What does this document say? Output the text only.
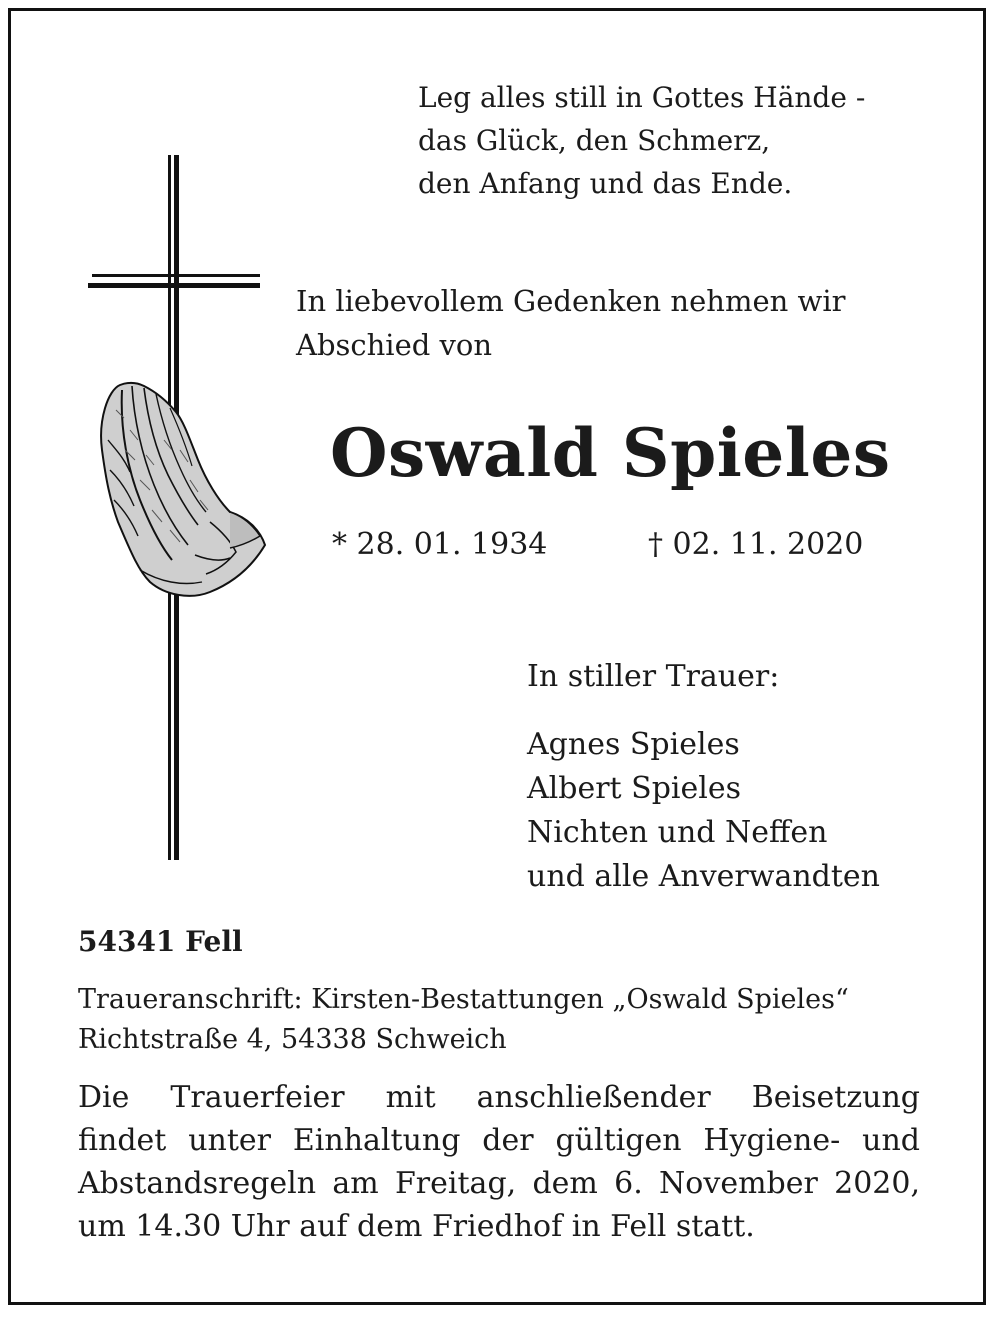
Leg alles still in Gottes Hände -
das Glück, den Schmerz,
den Anfang und das Ende.
In liebevollem Gedenken nehmen wir
Abschied von
Oswald Spieles
* 28. 01. 1934	† 02. 11. 2020
In stiller Trauer:
Agnes Spieles
Albert Spieles
Nichten und Neffen
und alle Anverwandten
54341 Fell
Traueranschrift: Kirsten-Bestattungen „Oswald Spieles“
Richtstraße 4, 54338 Schweich
Die Trauerfeier mit anschließender Beisetzung
findet unter Einhaltung der gültigen Hygiene- und
Abstandsregeln am Freitag, dem 6. November 2020,
um 14.30 Uhr auf dem Friedhof in Fell statt.
